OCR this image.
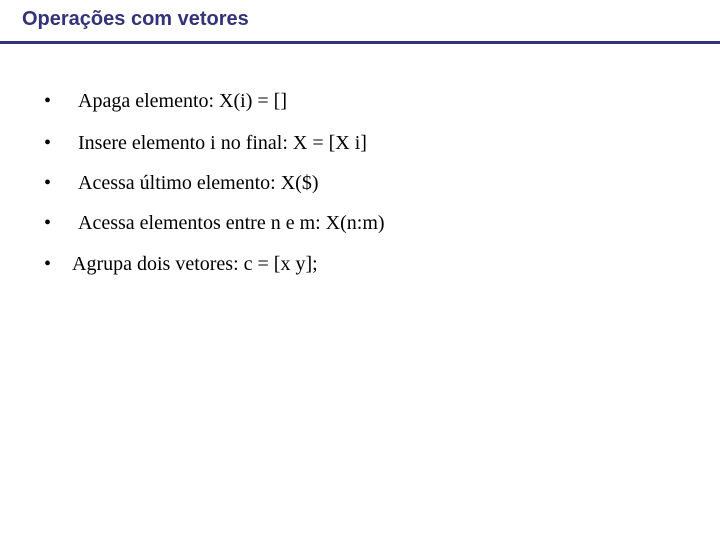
Operações com vetores
• Apaga elemento: X(i) = []
• Insere elemento i no final: X = [X i]
• Acessa último elemento: X($)
• Acessa elementos entre n e m: X(n:m)
• Agrupa dois vetores: c = [x y];
